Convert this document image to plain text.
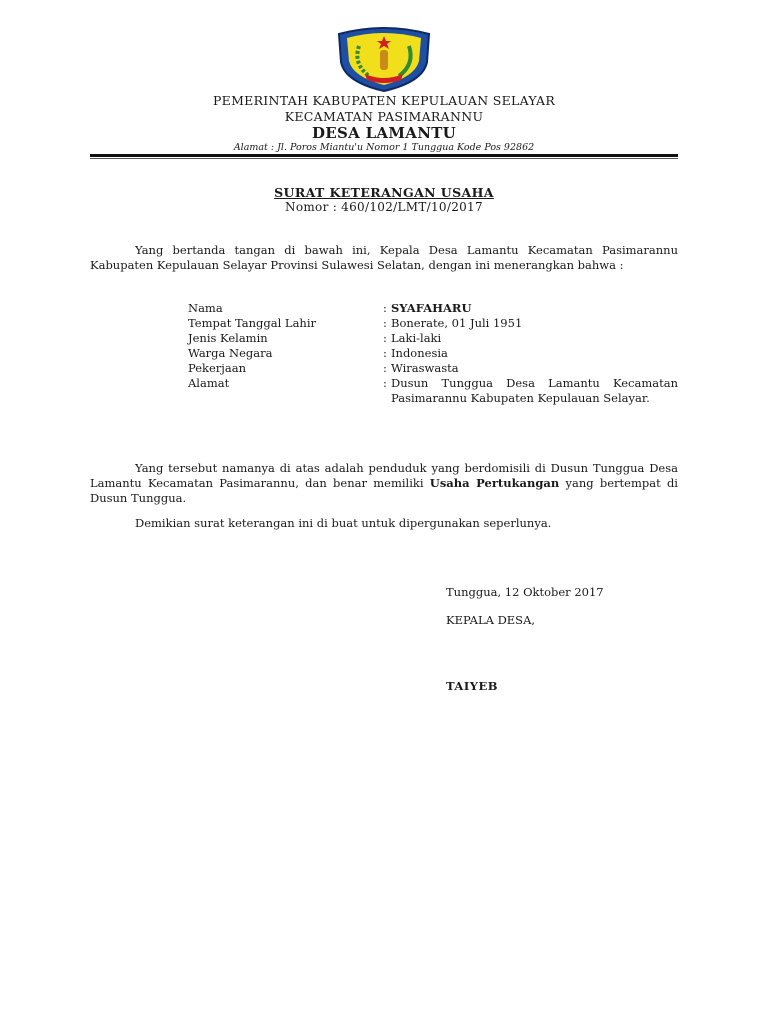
PEMERINTAH KABUPATEN KEPULAUAN SELAYAR
KECAMATAN PASIMARANNU
DESA LAMANTU
Alamat : Jl. Poros Miantu'u Nomor 1 Tunggua Kode Pos 92862
SURAT KETERANGAN USAHA
Nomor : 460/102/LMT/10/2017
Yang bertanda tangan di bawah ini, Kepala Desa Lamantu Kecamatan Pasimarannu Kabupaten Kepulauan Selayar Provinsi Sulawesi Selatan, dengan ini menerangkan bahwa :
Nama	: SYAFAHARU
Tempat Tanggal Lahir	: Bonerate, 01 Juli 1951
Jenis Kelamin	: Laki-laki
Warga Negara	: Indonesia
Pekerjaan	: Wiraswasta
Alamat	: Dusun Tunggua Desa Lamantu Kecamatan Pasimarannu Kabupaten Kepulauan Selayar.
Yang tersebut namanya di atas adalah penduduk yang berdomisili di Dusun Tunggua Desa Lamantu Kecamatan Pasimarannu, dan benar memiliki Usaha Pertukangan yang bertempat di Dusun Tunggua.
Demikian surat keterangan ini di buat untuk dipergunakan seperlunya.
Tunggua, 12 Oktober 2017
KEPALA DESA,
TAIYEB
